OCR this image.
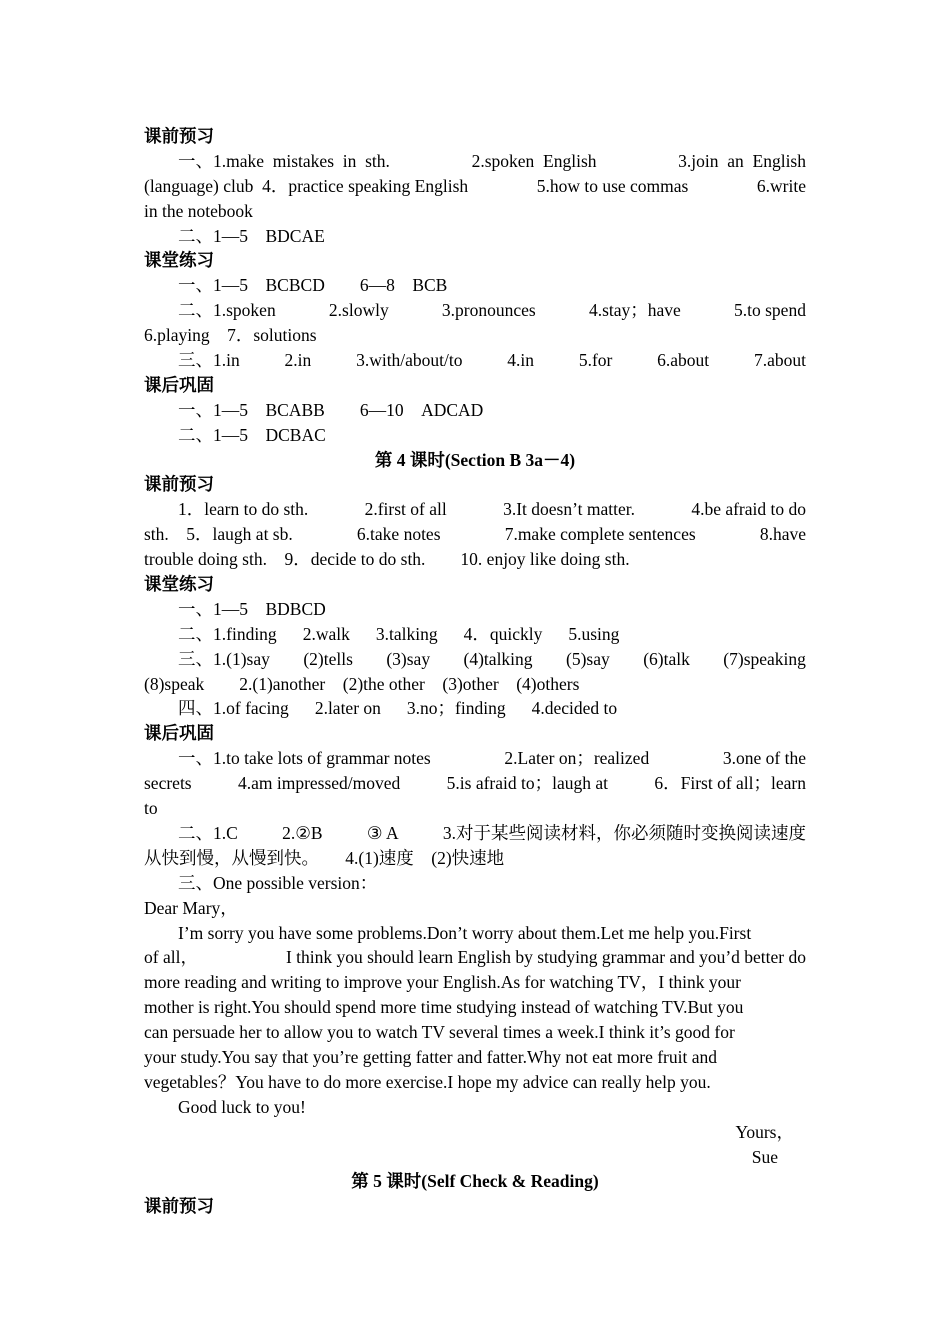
课前预习
一、1.make  mistakes  in  sth.	2.spoken  English	3.join  an  English
(language) club  4．practice speaking English	5.how to use commas	6.write
in the notebook
二、1—5　BDCAE
课堂练习
一、1—5　BCBCD　　6—8　BCB
二、1.spoken	2.slowly	3.pronounces	4.stay；have	5.to spend
6.playing　7．solutions
三、1.in	2.in	3.with/about/to	4.in	5.for	6.about	7.about
课后巩固
一、1—5　BCABB　　6—10　ADCAD
二、1—5　DCBAC
第 4 课时(Section B 3a－4)
课前预习
1．learn to do sth.	2.first of all	3.It doesn’t matter.	4.be afraid to do
sth.　5．laugh at sb.	6.take notes	7.make complete sentences	8.have
trouble doing sth.　9．decide to do sth.　　10. enjoy like doing sth.
课堂练习
一、1—5　BDBCD
二、1.finding 2.walk 3.talking 4．quickly 5.using
三、1.(1)say (2)tells (3)say (4)talking (5)say (6)talk (7)speaking
(8)speak　　2.(1)another　(2)the other　(3)other　(4)others
四、1.of facing 2.later on 3.no；finding 4.decided to
课后巩固
一、1.to take lots of grammar notes	2.Later on；realized	3.one of the
secrets	4.am impressed/moved	5.is afraid to；laugh at	6．First of all；learn
to
二、1.C	2.②B	③ A	3.对于某些阅读材料，你必须随时变换阅读速度
从快到慢，从慢到快。　　4.(1)速度　(2)快速地
三、One possible version：
Dear Mary，
I’m sorry you have some problems.Don’t worry about them.Let me help you.First
of all，	I think you should learn English by studying grammar and you’d better do
more reading and writing to improve your English.As for watching TV，I think your
mother is right.You should spend more time studying instead of watching TV.But you
can persuade her to allow you to watch TV several times a week.I think it’s good for
your study.You say that you’re getting fatter and fatter.Why not eat more fruit and
vegetables？You have to do more exercise.I hope my advice can really help you.
Good luck to you!
Yours，
Sue
第 5 课时(Self Check & Reading)
课前预习
